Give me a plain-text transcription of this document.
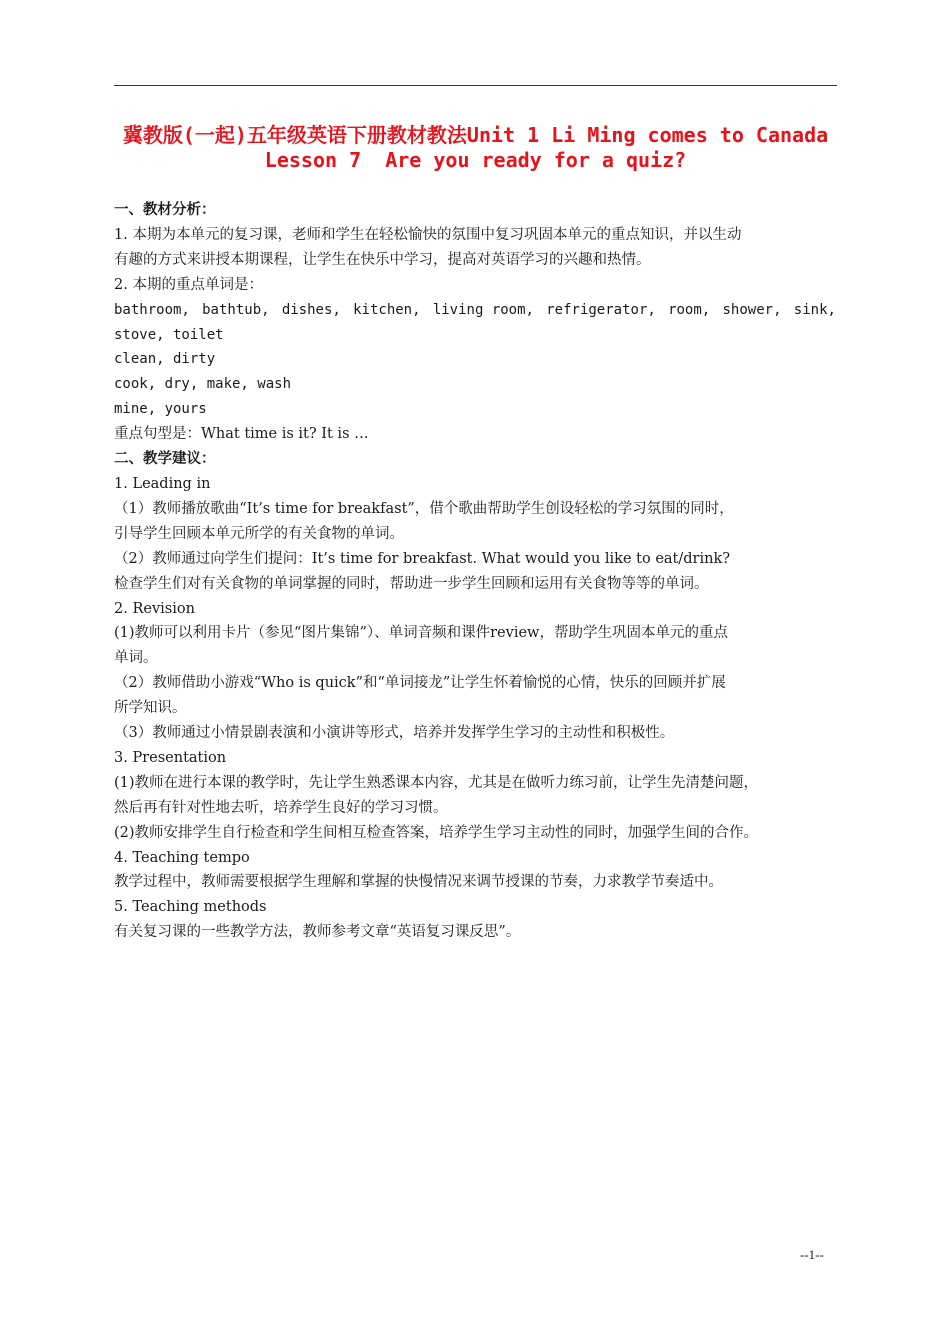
冀教版(一起)五年级英语下册教材教法Unit 1 Li Ming comes to Canada
Lesson 7  Are you ready for a quiz?
一、教材分析：
1. 本期为本单元的复习课，老师和学生在轻松愉快的氛围中复习巩固本单元的重点知识，并以生动
有趣的方式来讲授本期课程，让学生在快乐中学习，提高对英语学习的兴趣和热情。
2. 本期的重点单词是：
bathroom, bathtub, dishes, kitchen, living room, refrigerator, room, shower, sink,
stove, toilet
clean, dirty
cook, dry, make, wash
mine, yours
重点句型是：What time is it? It is …
二、教学建议：
1. Leading in
（1）教师播放歌曲“It’s time for breakfast”，借个歌曲帮助学生创设轻松的学习氛围的同时，
引导学生回顾本单元所学的有关食物的单词。
（2）教师通过向学生们提问：It’s time for breakfast. What would you like to eat/drink?
检查学生们对有关食物的单词掌握的同时，帮助进一步学生回顾和运用有关食物等等的单词。
2. Revision
(1)教师可以利用卡片（参见“图片集锦”）、单词音频和课件review，帮助学生巩固本单元的重点
单词。
（2）教师借助小游戏“Who is quick”和“单词接龙”让学生怀着愉悦的心情，快乐的回顾并扩展
所学知识。
（3）教师通过小情景剧表演和小演讲等形式，培养并发挥学生学习的主动性和积极性。
3. Presentation
(1)教师在进行本课的教学时，先让学生熟悉课本内容，尤其是在做听力练习前，让学生先清楚问题，
然后再有针对性地去听，培养学生良好的学习习惯。
(2)教师安排学生自行检查和学生间相互检查答案，培养学生学习主动性的同时，加强学生间的合作。
4. Teaching tempo
教学过程中，教师需要根据学生理解和掌握的快慢情况来调节授课的节奏，力求教学节奏适中。
5. Teaching methods
有关复习课的一些教学方法，教师参考文章“英语复习课反思”。
--1--
